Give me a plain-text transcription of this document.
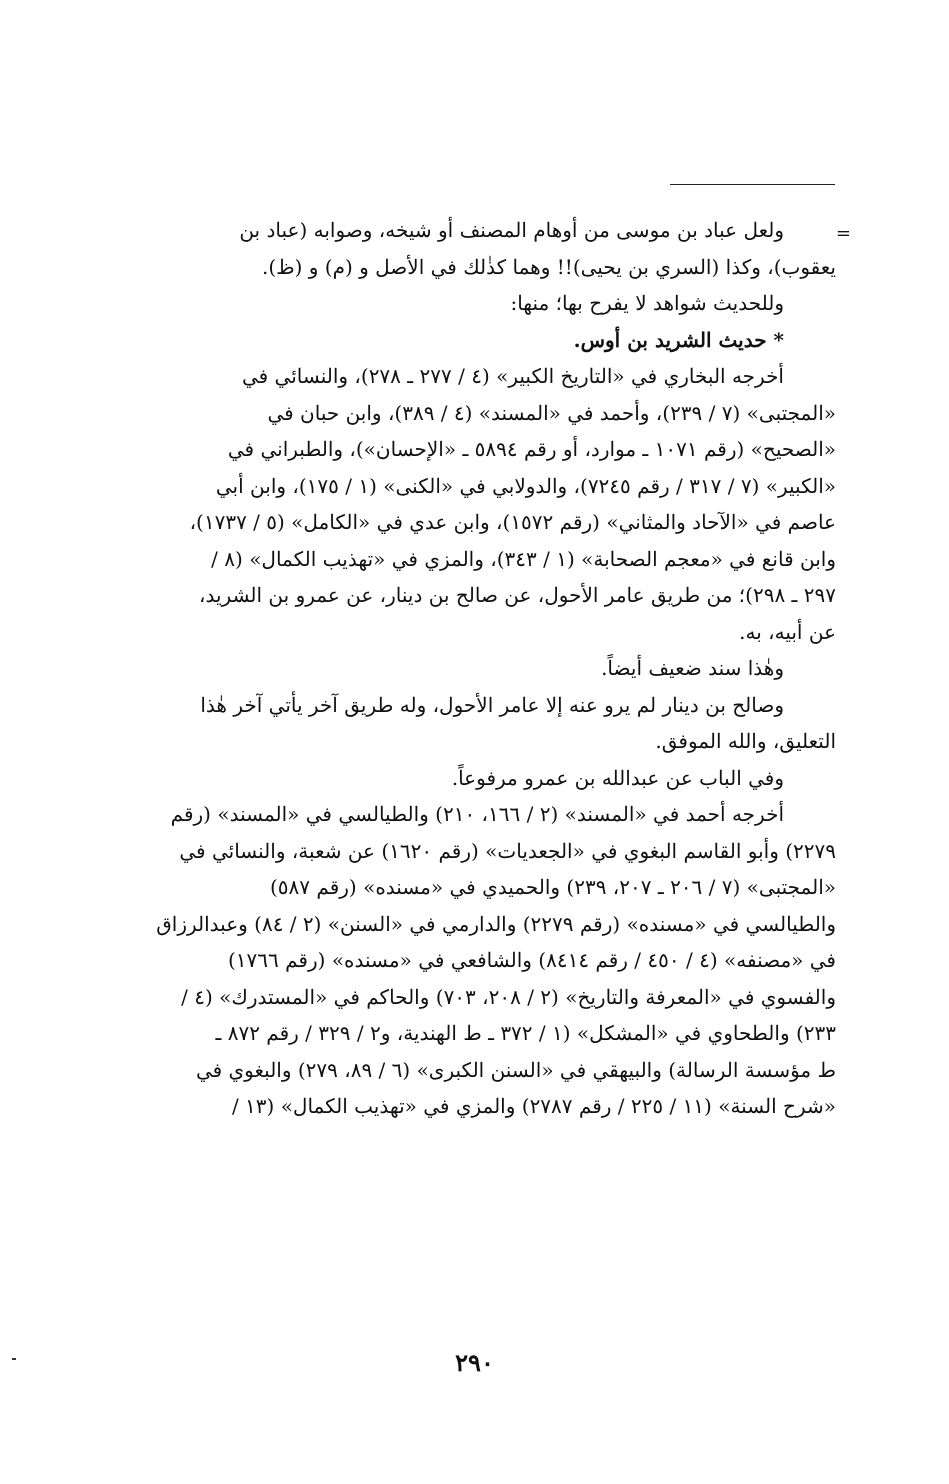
=
ولعل عباد بن موسى من أوهام المصنف أو شيخه، وصوابه (عباد بن
يعقوب)، وكذا (السري بن يحيى)!! وهما كذٰلك في الأصل و (م) و (ظ).
وللحديث شواهد لا يفرح بها؛ منها:
* حديث الشريد بن أوس.
أخرجه البخاري في «التاريخ الكبير» (٤ / ٢٧٧ ـ ٢٧٨)، والنسائي في
«المجتبى» (٧ / ٢٣٩)، وأحمد في «المسند» (٤ / ٣٨٩)، وابن حبان في
«الصحيح» (رقم ١٠٧١ ـ موارد، أو رقم ٥٨٩٤ ـ «الإحسان»)، والطبراني في
«الكبير» (٧ / ٣١٧ / رقم ٧٢٤٥)، والدولابي في «الكنى» (١ / ١٧٥)، وابن أبي
عاصم في «الآحاد والمثاني» (رقم ١٥٧٢)، وابن عدي في «الكامل» (٥ / ١٧٣٧)،
وابن قانع في «معجم الصحابة» (١ / ٣٤٣)، والمزي في «تهذيب الكمال» (٨ /
٢٩٧ ـ ٢٩٨)؛ من طريق عامر الأحول، عن صالح بن دينار، عن عمرو بن الشريد،
عن أبيه، به.
وهٰذا سند ضعيف أيضاً.
وصالح بن دينار لم يرو عنه إلا عامر الأحول، وله طريق آخر يأتي آخر هٰذا
التعليق، والله الموفق.
وفي الباب عن عبدالله بن عمرو مرفوعاً.
أخرجه أحمد في «المسند» (٢ / ١٦٦، ٢١٠) والطيالسي في «المسند» (رقم
٢٢٧٩) وأبو القاسم البغوي في «الجعديات» (رقم ١٦٢٠) عن شعبة، والنسائي في
«المجتبى» (٧ / ٢٠٦ ـ ٢٠٧، ٢٣٩) والحميدي في «مسنده» (رقم ٥٨٧)
والطيالسي في «مسنده» (رقم ٢٢٧٩) والدارمي في «السنن» (٢ / ٨٤) وعبدالرزاق
في «مصنفه» (٤ / ٤٥٠ / رقم ٨٤١٤) والشافعي في «مسنده» (رقم ١٧٦٦)
والفسوي في «المعرفة والتاريخ» (٢ / ٢٠٨، ٧٠٣) والحاكم في «المستدرك» (٤ /
٢٣٣) والطحاوي في «المشكل» (١ / ٣٧٢ ـ ط الهندية، و٢ / ٣٢٩ / رقم ٨٧٢ ـ
ط مؤسسة الرسالة) والبيهقي في «السنن الكبرى» (٦ / ٨٩، ٢٧٩) والبغوي في
«شرح السنة» (١١ / ٢٢٥ / رقم ٢٧٨٧) والمزي في «تهذيب الكمال» (١٣ /
٢٩٠
